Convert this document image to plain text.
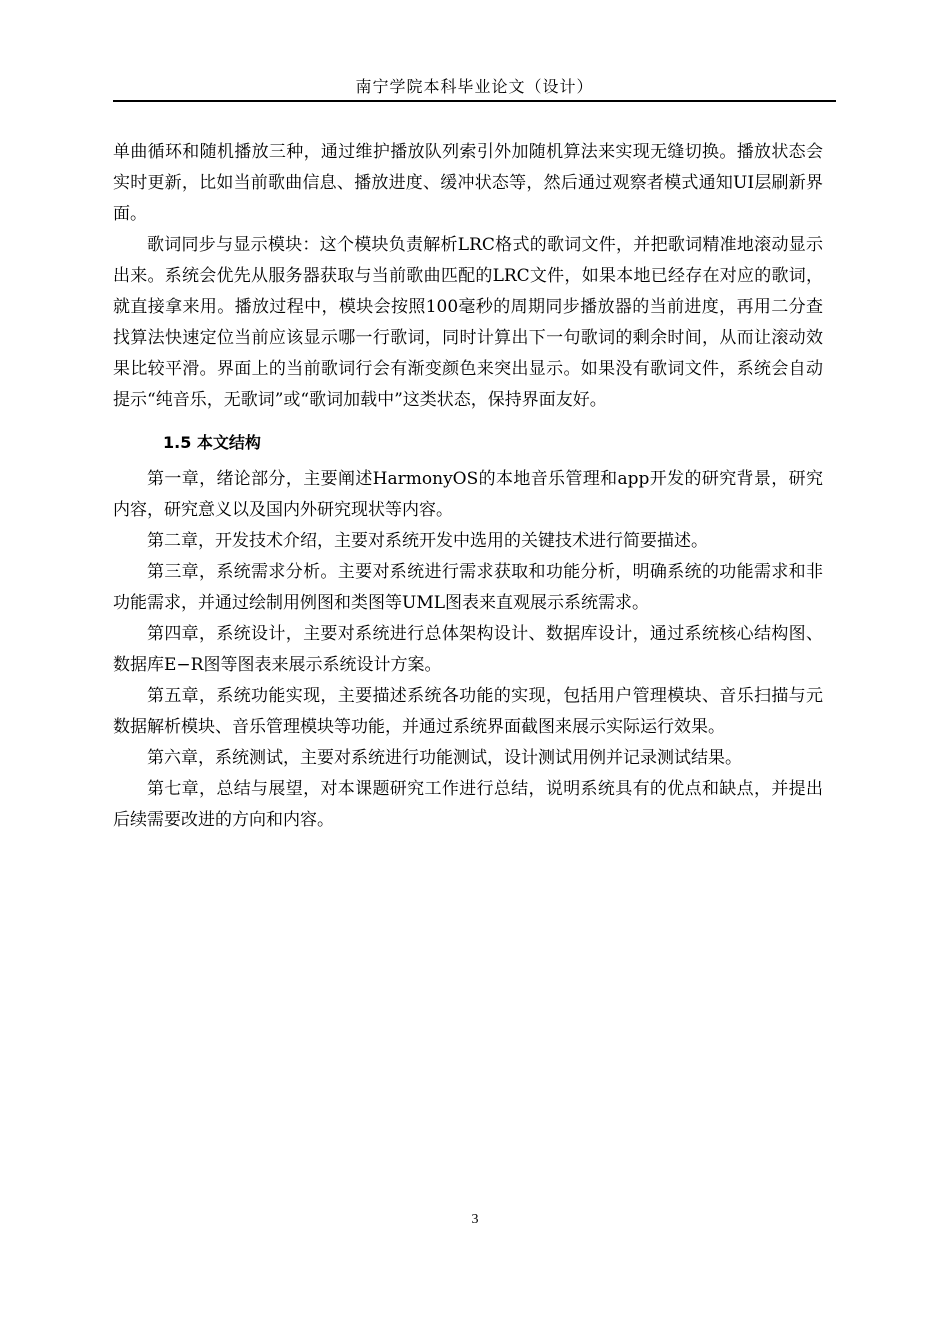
南宁学院本科毕业论文（设计）

单曲循环和随机播放三种，通过维护播放队列索引外加随机算法来实现无缝切换。播放状态会实时更新，比如当前歌曲信息、播放进度、缓冲状态等，然后通过观察者模式通知UI层刷新界面。

歌词同步与显示模块：这个模块负责解析LRC格式的歌词文件，并把歌词精准地滚动显示出来。系统会优先从服务器获取与当前歌曲匹配的LRC文件，如果本地已经存在对应的歌词，就直接拿来用。播放过程中，模块会按照100毫秒的周期同步播放器的当前进度，再用二分查找算法快速定位当前应该显示哪一行歌词，同时计算出下一句歌词的剩余时间，从而让滚动效果比较平滑。界面上的当前歌词行会有渐变颜色来突出显示。如果没有歌词文件，系统会自动提示“纯音乐，无歌词”或“歌词加载中”这类状态，保持界面友好。

1.5 本文结构

第一章，绪论部分，主要阐述HarmonyOS的本地音乐管理和app开发的研究背景，研究内容，研究意义以及国内外研究现状等内容。

第二章，开发技术介绍，主要对系统开发中选用的关键技术进行简要描述。

第三章，系统需求分析。主要对系统进行需求获取和功能分析，明确系统的功能需求和非功能需求，并通过绘制用例图和类图等UML图表来直观展示系统需求。

第四章，系统设计，主要对系统进行总体架构设计、数据库设计，通过系统核心结构图、数据库E−R图等图表来展示系统设计方案。

第五章，系统功能实现，主要描述系统各功能的实现，包括用户管理模块、音乐扫描与元数据解析模块、音乐管理模块等功能，并通过系统界面截图来展示实际运行效果。

第六章，系统测试，主要对系统进行功能测试，设计测试用例并记录测试结果。

第七章，总结与展望，对本课题研究工作进行总结，说明系统具有的优点和缺点，并提出后续需要改进的方向和内容。

3
